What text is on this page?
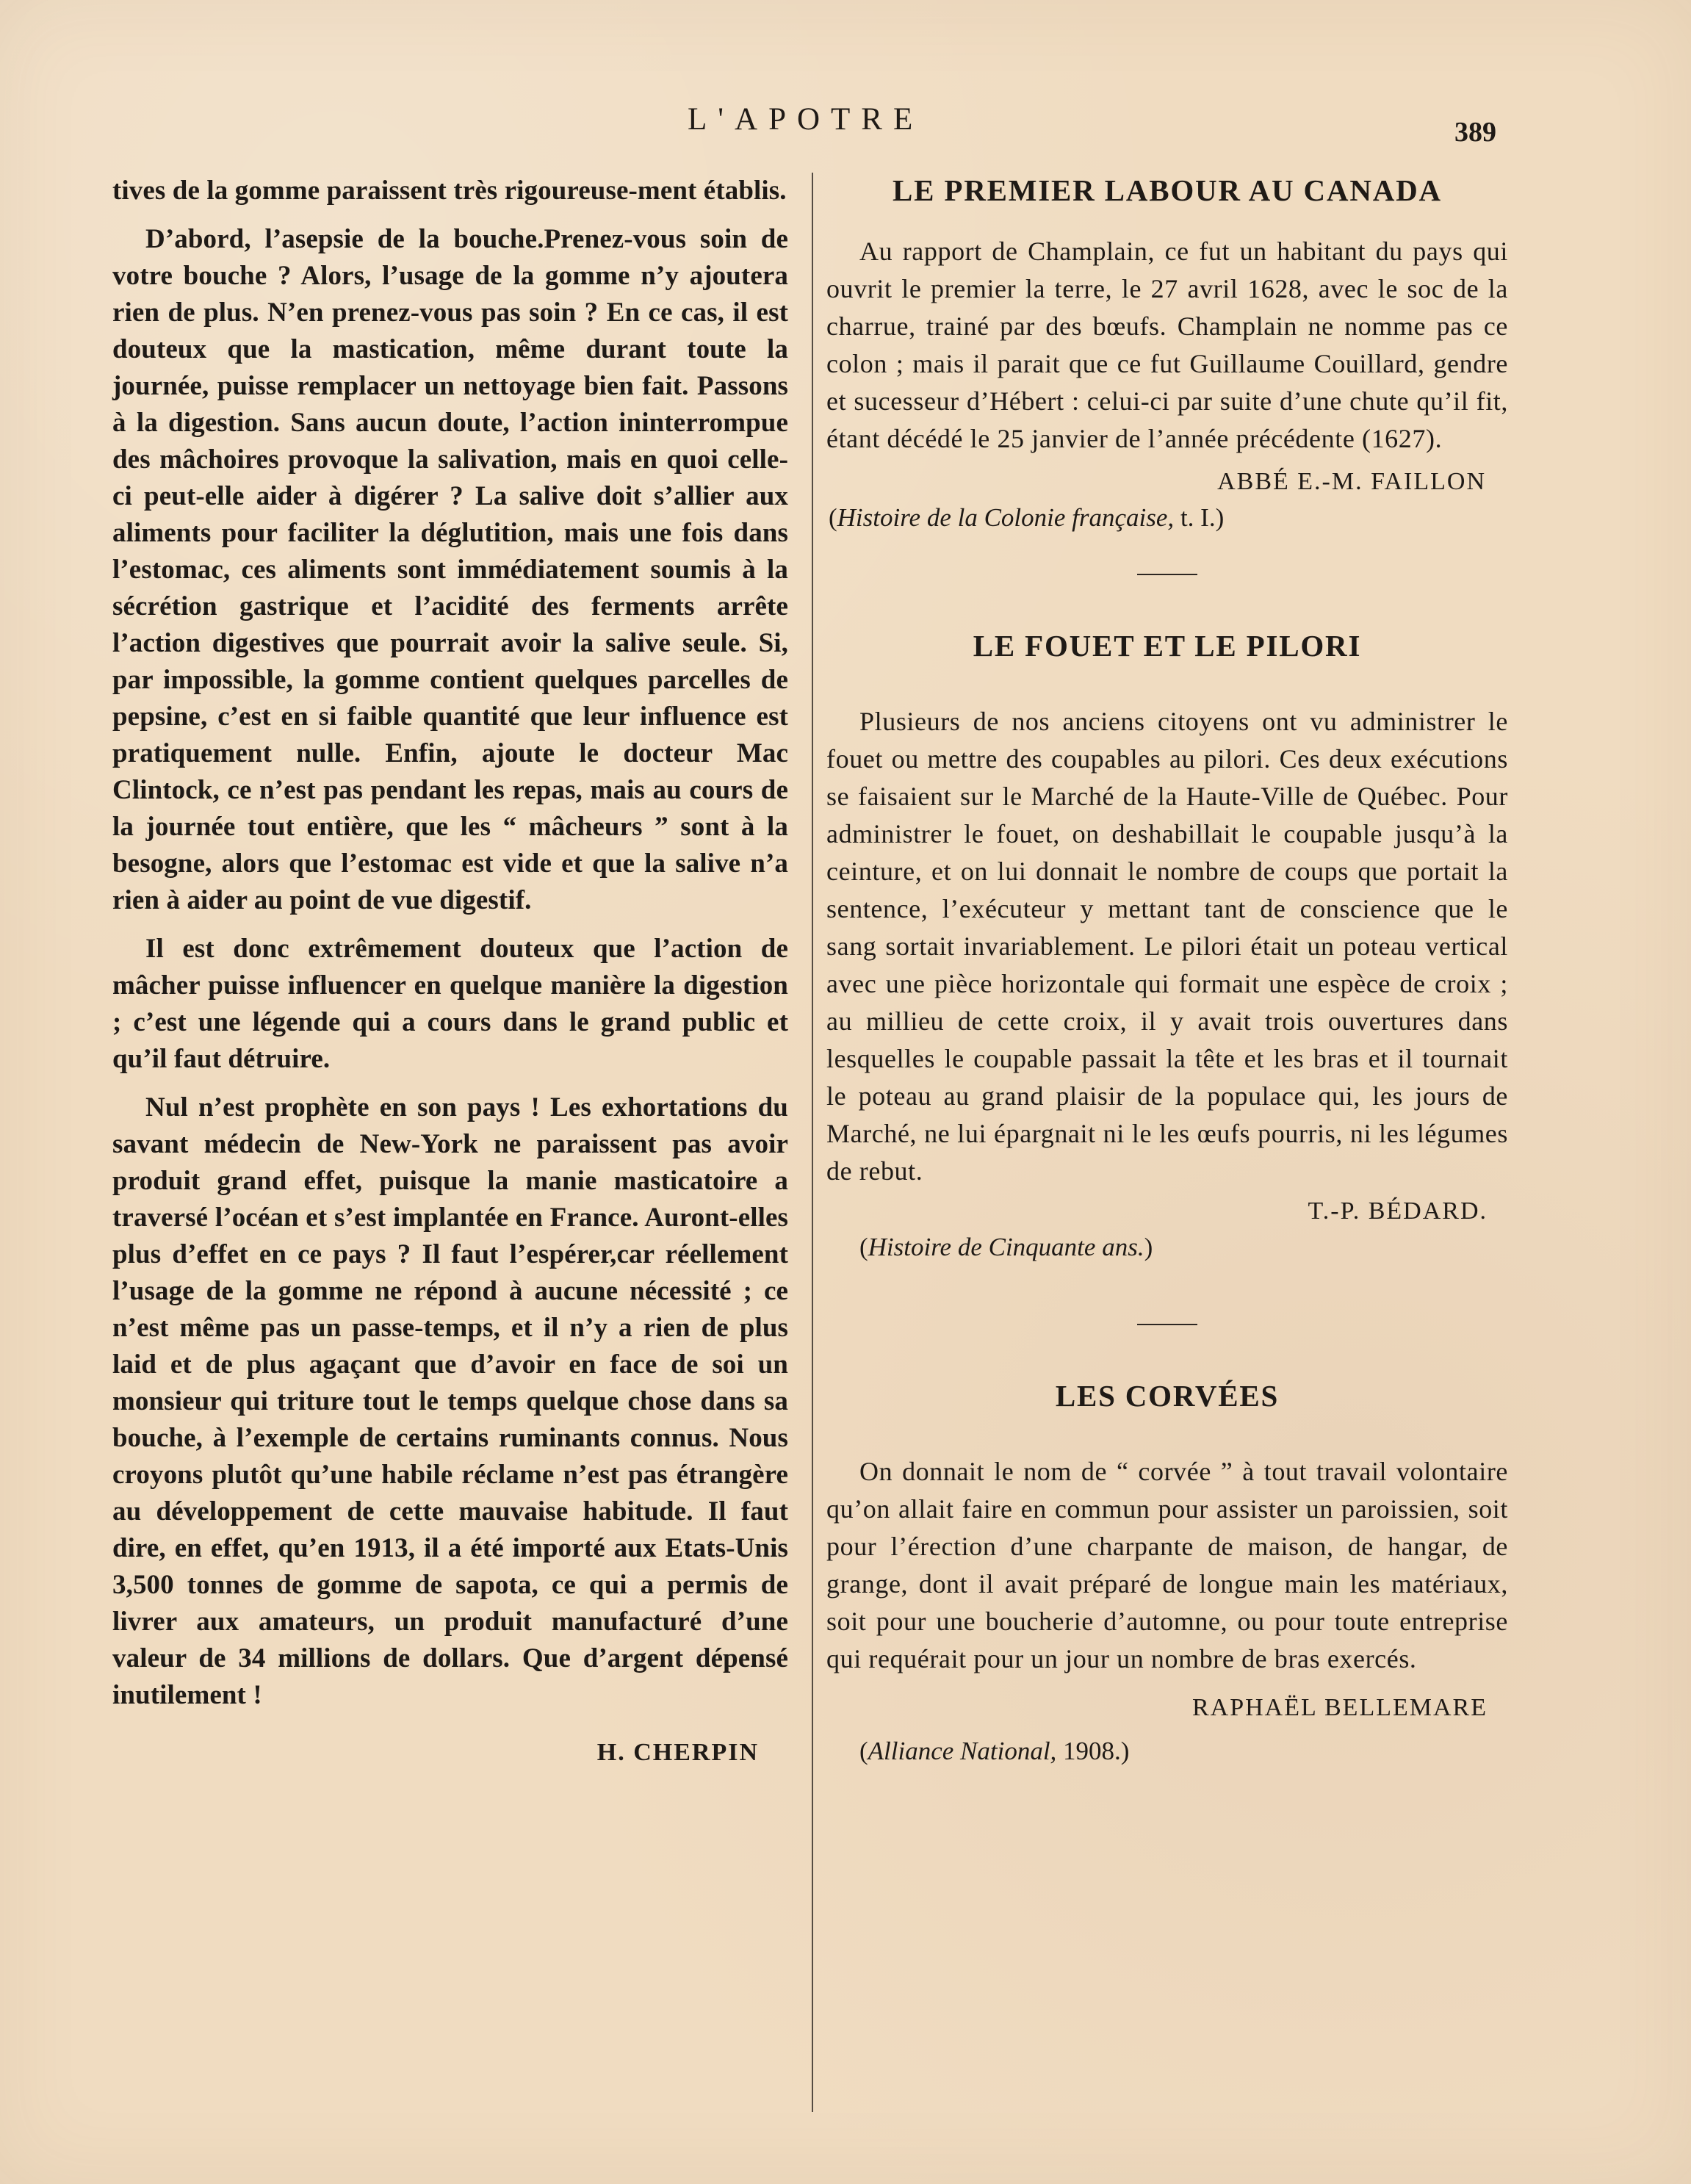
L'APOTRE	389

tives de la gomme paraissent très rigoureuse-ment établis.

D’abord, l’asepsie de la bouche.Prenez-vous soin de votre bouche ? Alors, l’usage de la gomme n’y ajoutera rien de plus. N’en prenez-vous pas soin ? En ce cas, il est douteux que la mastication, même durant toute la journée, puisse remplacer un nettoyage bien fait. Passons à la digestion. Sans aucun doute, l’action ininterrompue des mâchoires provoque la salivation, mais en quoi celle-ci peut-elle aider à digérer ? La salive doit s’allier aux aliments pour faciliter la déglutition, mais une fois dans l’estomac, ces aliments sont immédiatement soumis à la sécrétion gastrique et l’acidité des ferments arrête l’action digestives que pourrait avoir la salive seule. Si, par impossible, la gomme contient quelques parcelles de pepsine, c’est en si faible quantité que leur influence est pratiquement nulle. Enfin, ajoute le docteur Mac Clintock, ce n’est pas pendant les repas, mais au cours de la journée tout entière, que les “ mâcheurs ” sont à la besogne, alors que l’estomac est vide et que la salive n’a rien à aider au point de vue digestif.

Il est donc extrêmement douteux que l’action de mâcher puisse influencer en quelque manière la digestion ; c’est une légende qui a cours dans le grand public et qu’il faut détruire.

Nul n’est prophète en son pays ! Les exhortations du savant médecin de New-York ne paraissent pas avoir produit grand effet, puisque la manie masticatoire a traversé l’océan et s’est implantée en France. Auront-elles plus d’effet en ce pays ? Il faut l’espérer,car réellement l’usage de la gomme ne répond à aucune nécessité ; ce n’est même pas un passe-temps, et il n’y a rien de plus laid et de plus agaçant que d’avoir en face de soi un monsieur qui triture tout le temps quelque chose dans sa bouche, à l’exemple de certains ruminants connus. Nous croyons plutôt qu’une habile réclame n’est pas étrangère au développement de cette mauvaise habitude. Il faut dire, en effet, qu’en 1913, il a été importé aux Etats-Unis 3,500 tonnes de gomme de sapota, ce qui a permis de livrer aux amateurs, un produit manufacturé d’une valeur de 34 millions de dollars. Que d’argent dépensé inutilement !

H. CHERPIN
LE PREMIER LABOUR AU CANADA

Au rapport de Champlain, ce fut un habitant du pays qui ouvrit le premier la terre, le 27 avril 1628, avec le soc de la charrue, trainé par des bœufs. Champlain ne nomme pas ce colon ; mais il parait que ce fut Guillaume Couillard, gendre et sucesseur d’Hébert : celui-ci par suite d’une chute qu’il fit, étant décédé le 25 janvier de l’année précédente (1627).

ABBÉ E.-M. FAILLON
(Histoire de la Colonie française, t. I.)
LE FOUET ET LE PILORI

Plusieurs de nos anciens citoyens ont vu administrer le fouet ou mettre des coupables au pilori. Ces deux exécutions se faisaient sur le Marché de la Haute-Ville de Québec. Pour administrer le fouet, on deshabillait le coupable jusqu’à la ceinture, et on lui donnait le nombre de coups que portait la sentence, l’exécuteur y mettant tant de conscience que le sang sortait invariablement. Le pilori était un poteau vertical avec une pièce horizontale qui formait une espèce de croix ; au millieu de cette croix, il y avait trois ouvertures dans lesquelles le coupable passait la tête et les bras et il tournait le poteau au grand plaisir de la populace qui, les jours de Marché, ne lui épargnait ni le les œufs pourris, ni les légumes de rebut.

T.-P. BÉDARD.
(Histoire de Cinquante ans.)
LES CORVÉES

On donnait le nom de “ corvée ” à tout travail volontaire qu’on allait faire en commun pour assister un paroissien, soit pour l’érection d’une charpante de maison, de hangar, de grange, dont il avait préparé de longue main les matériaux, soit pour une boucherie d’automne, ou pour toute entreprise qui requérait pour un jour un nombre de bras exercés.

RAPHAËL BELLEMARE
(Alliance National, 1908.)
